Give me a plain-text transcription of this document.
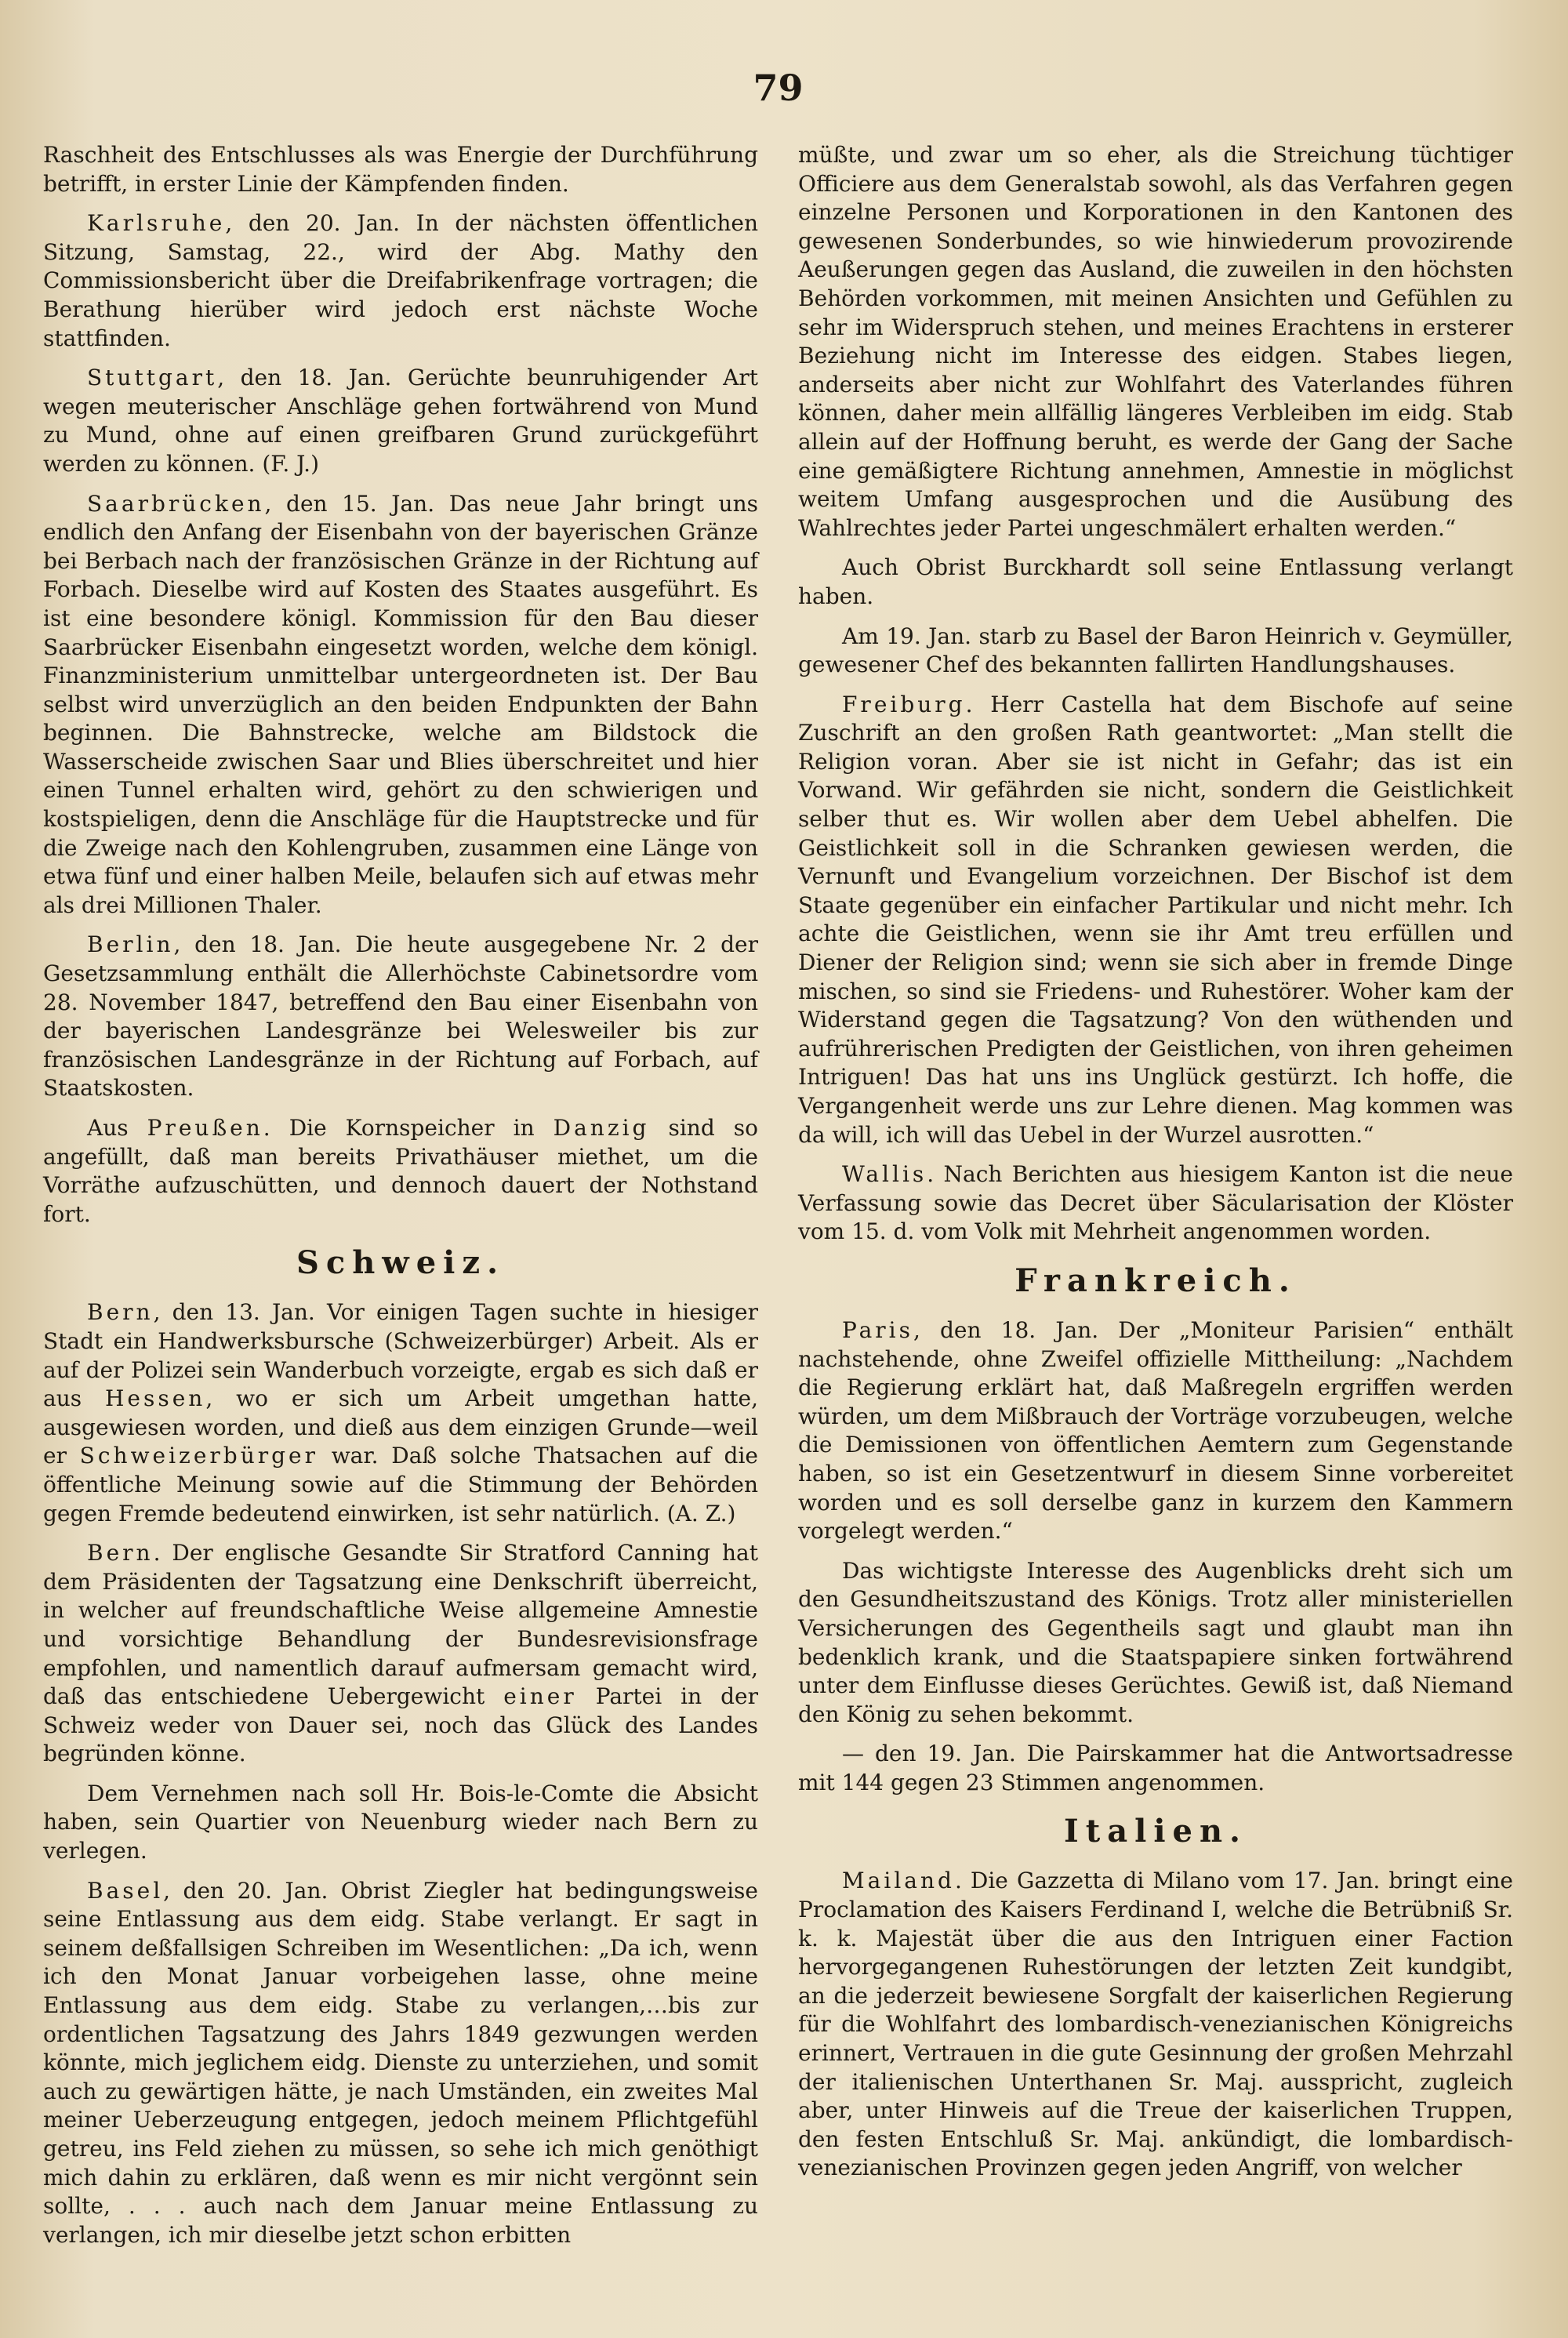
79

Raschheit des Entschlusses als was Energie der Durchführung betrifft, in erster Linie der Kämpfenden finden.

Karlsruhe, den 20. Jan. In der nächsten öffentlichen Sitzung, Samstag, 22., wird der Abg. Mathy den Commissionsbericht über die Dreifabrikenfrage vortragen; die Berathung hierüber wird jedoch erst nächste Woche stattfinden.

Stuttgart, den 18. Jan. Gerüchte beunruhigender Art wegen meuterischer Anschläge gehen fortwährend von Mund zu Mund, ohne auf einen greifbaren Grund zurückgeführt werden zu können. (F. J.)

Saarbrücken, den 15. Jan. Das neue Jahr bringt uns endlich den Anfang der Eisenbahn von der bayerischen Gränze bei Berbach nach der französischen Gränze in der Richtung auf Forbach. Dieselbe wird auf Kosten des Staates ausgeführt. Es ist eine besondere königl. Kommission für den Bau dieser Saarbrücker Eisenbahn eingesetzt worden, welche dem königl. Finanzministerium unmittelbar untergeordneten ist. Der Bau selbst wird unverzüglich an den beiden Endpunkten der Bahn beginnen. Die Bahnstrecke, welche am Bildstock die Wasserscheide zwischen Saar und Blies überschreitet und hier einen Tunnel erhalten wird, gehört zu den schwierigen und kostspieligen, denn die Anschläge für die Hauptstrecke und für die Zweige nach den Kohlengruben, zusammen eine Länge von etwa fünf und einer halben Meile, belaufen sich auf etwas mehr als drei Millionen Thaler.

Berlin, den 18. Jan. Die heute ausgegebene Nr. 2 der Gesetzsammlung enthält die Allerhöchste Cabinetsordre vom 28. November 1847, betreffend den Bau einer Eisenbahn von der bayerischen Landesgränze bei Welesweiler bis zur französischen Landesgränze in der Richtung auf Forbach, auf Staatskosten.

Aus Preußen. Die Kornspeicher in Danzig sind so angefüllt, daß man bereits Privathäuser miethet, um die Vorräthe aufzuschütten, und dennoch dauert der Nothstand fort.

Schweiz.

Bern, den 13. Jan. Vor einigen Tagen suchte in hiesiger Stadt ein Handwerksbursche (Schweizerbürger) Arbeit. Als er auf der Polizei sein Wanderbuch vorzeigte, ergab es sich daß er aus Hessen, wo er sich um Arbeit umgethan hatte, ausgewiesen worden, und dieß aus dem einzigen Grunde—weil er Schweizerbürger war. Daß solche Thatsachen auf die öffentliche Meinung sowie auf die Stimmung der Behörden gegen Fremde bedeutend einwirken, ist sehr natürlich. (A. Z.)

Bern. Der englische Gesandte Sir Stratford Canning hat dem Präsidenten der Tagsatzung eine Denkschrift überreicht, in welcher auf freundschaftliche Weise allgemeine Amnestie und vorsichtige Behandlung der Bundesrevisionsfrage empfohlen, und namentlich darauf aufmersam gemacht wird, daß das entschiedene Uebergewicht einer Partei in der Schweiz weder von Dauer sei, noch das Glück des Landes begründen könne.

Dem Vernehmen nach soll Hr. Bois-le-Comte die Absicht haben, sein Quartier von Neuenburg wieder nach Bern zu verlegen.

Basel, den 20. Jan. Obrist Ziegler hat bedingungsweise seine Entlassung aus dem eidg. Stabe verlangt. Er sagt in seinem deßfallsigen Schreiben im Wesentlichen: „Da ich, wenn ich den Monat Januar vorbeigehen lasse, ohne meine Entlassung aus dem eidg. Stabe zu verlangen,…bis zur ordentlichen Tagsatzung des Jahrs 1849 gezwungen werden könnte, mich jeglichem eidg. Dienste zu unterziehen, und somit auch zu gewärtigen hätte, je nach Umständen, ein zweites Mal meiner Ueberzeugung entgegen, jedoch meinem Pflichtgefühl getreu, ins Feld ziehen zu müssen, so sehe ich mich genöthigt mich dahin zu erklären, daß wenn es mir nicht vergönnt sein sollte, . . . auch nach dem Januar meine Entlassung zu verlangen, ich mir dieselbe jetzt schon erbitten

müßte, und zwar um so eher, als die Streichung tüchtiger Officiere aus dem Generalstab sowohl, als das Verfahren gegen einzelne Personen und Korporationen in den Kantonen des gewesenen Sonderbundes, so wie hinwiederum provozirende Aeußerungen gegen das Ausland, die zuweilen in den höchsten Behörden vorkommen, mit meinen Ansichten und Gefühlen zu sehr im Widerspruch stehen, und meines Erachtens in ersterer Beziehung nicht im Interesse des eidgen. Stabes liegen, anderseits aber nicht zur Wohlfahrt des Vaterlandes führen können, daher mein allfällig längeres Verbleiben im eidg. Stab allein auf der Hoffnung beruht, es werde der Gang der Sache eine gemäßigtere Richtung annehmen, Amnestie in möglichst weitem Umfang ausgesprochen und die Ausübung des Wahlrechtes jeder Partei ungeschmälert erhalten werden.“

Auch Obrist Burckhardt soll seine Entlassung verlangt haben.

Am 19. Jan. starb zu Basel der Baron Heinrich v. Geymüller, gewesener Chef des bekannten fallirten Handlungshauses.

Freiburg. Herr Castella hat dem Bischofe auf seine Zuschrift an den großen Rath geantwortet: „Man stellt die Religion voran. Aber sie ist nicht in Gefahr; das ist ein Vorwand. Wir gefährden sie nicht, sondern die Geistlichkeit selber thut es. Wir wollen aber dem Uebel abhelfen. Die Geistlichkeit soll in die Schranken gewiesen werden, die Vernunft und Evangelium vorzeichnen. Der Bischof ist dem Staate gegenüber ein einfacher Partikular und nicht mehr. Ich achte die Geistlichen, wenn sie ihr Amt treu erfüllen und Diener der Religion sind; wenn sie sich aber in fremde Dinge mischen, so sind sie Friedens- und Ruhestörer. Woher kam der Widerstand gegen die Tagsatzung? Von den wüthenden und aufrührerischen Predigten der Geistlichen, von ihren geheimen Intriguen! Das hat uns ins Unglück gestürzt. Ich hoffe, die Vergangenheit werde uns zur Lehre dienen. Mag kommen was da will, ich will das Uebel in der Wurzel ausrotten.“

Wallis. Nach Berichten aus hiesigem Kanton ist die neue Verfassung sowie das Decret über Säcularisation der Klöster vom 15. d. vom Volk mit Mehrheit angenommen worden.

Frankreich.

Paris, den 18. Jan. Der „Moniteur Parisien“ enthält nachstehende, ohne Zweifel offizielle Mittheilung: „Nachdem die Regierung erklärt hat, daß Maßregeln ergriffen werden würden, um dem Mißbrauch der Vorträge vorzubeugen, welche die Demissionen von öffentlichen Aemtern zum Gegenstande haben, so ist ein Gesetzentwurf in diesem Sinne vorbereitet worden und es soll derselbe ganz in kurzem den Kammern vorgelegt werden.“

Das wichtigste Interesse des Augenblicks dreht sich um den Gesundheitszustand des Königs. Trotz aller ministeriellen Versicherungen des Gegentheils sagt und glaubt man ihn bedenklich krank, und die Staatspapiere sinken fortwährend unter dem Einflusse dieses Gerüchtes. Gewiß ist, daß Niemand den König zu sehen bekommt.

— den 19. Jan. Die Pairskammer hat die Antwortsadresse mit 144 gegen 23 Stimmen angenommen.

Italien.

Mailand. Die Gazzetta di Milano vom 17. Jan. bringt eine Proclamation des Kaisers Ferdinand I, welche die Betrübniß Sr. k. k. Majestät über die aus den Intriguen einer Faction hervorgegangenen Ruhestörungen der letzten Zeit kundgibt, an die jederzeit bewiesene Sorgfalt der kaiserlichen Regierung für die Wohlfahrt des lombardisch-venezianischen Königreichs erinnert, Vertrauen in die gute Gesinnung der großen Mehrzahl der italienischen Unterthanen Sr. Maj. ausspricht, zugleich aber, unter Hinweis auf die Treue der kaiserlichen Truppen, den festen Entschluß Sr. Maj. ankündigt, die lombardisch-venezianischen Provinzen gegen jeden Angriff, von welcher
